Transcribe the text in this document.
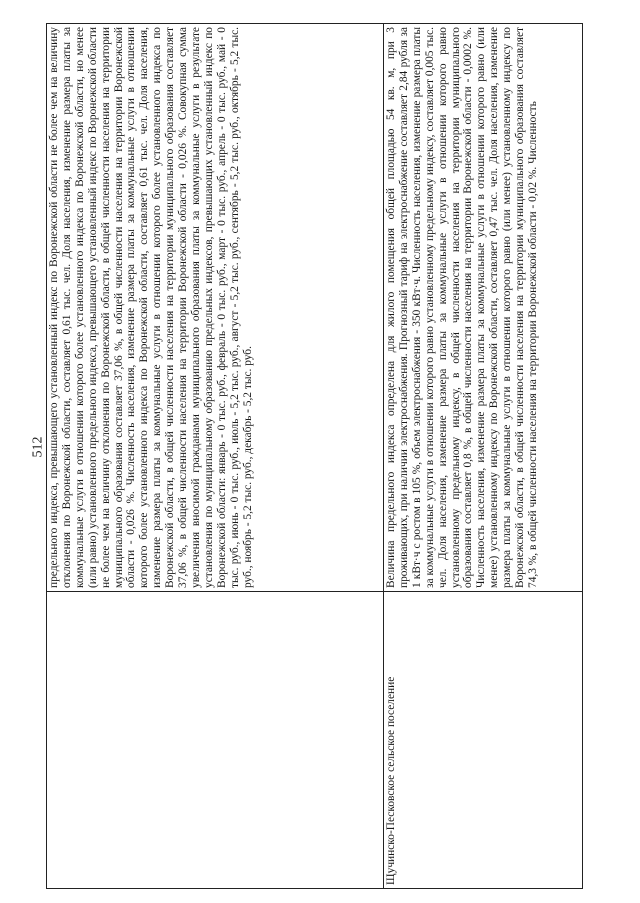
512
	предельного индекса, превышающего установленный индекс по Воронежской области не более чем на величину отклонения по Воронежской области, составляет 0,61 тыс. чел. Доля населения, изменение размера платы за коммунальные услуги в отношении которого более установленного индекса по Воронежской области, но менее (или равно) установленного предельного индекса, превышающего установленный индекс по Воронежской области не более чем на величину отклонения по Воронежской области, в общей численности населения на территории муниципального образования составляет 37,06 %, в общей численности населения на территории Воронежской области - 0,026 %. Численность населения, изменение размера платы за коммунальные услуги в отношении которого более установленного индекса по Воронежской области, составляет 0,61 тыс. чел. Доля населения, изменение размера платы за коммунальные услуги в отношении которого более установленного индекса по Воронежской области, в общей численности населения на территории муниципального образования составляет 37,06 %, в общей численности населения на территории Воронежской области - 0,026 %. Совокупная сумма увеличения вносимой гражданами муниципального образования платы за коммунальные услуги в результате установления по муниципальному образованию предельных индексов, превышающих установленный индекс по Воронежской области: январь - 0 тыс. руб., февраль - 0 тыс. руб., март - 0 тыс. руб., апрель - 0 тыс. руб., май - 0 тыс. руб., июнь - 0 тыс. руб., июль - 5,2 тыс. руб., август - 5,2 тыс. руб., сентябрь - 5,2 тыс. руб., октябрь - 5,2 тыс. руб., ноябрь - 5,2 тыс. руб., декабрь - 5,2 тыс. руб.
Щучинско-Песковское сельское поселение	Величина предельного индекса определена для жилого помещения общей площадью 54 кв. м, при 3 проживающих, при наличии электроснабжения. Прогнозный тариф на электроснабжение составляет 2,84 рубля за 1 кВт·ч с ростом в 105 %, объем электроснабжения - 350 кВт·ч. Численность населения, изменение размера платы за коммунальные услуги в отношении которого равно установленному предельному индексу, составляет 0,005 тыс. чел. Доля населения, изменение размера платы за коммунальные услуги в отношении которого равно установленному предельному индексу, в общей численности населения на территории муниципального образования составляет 0,8 %, в общей численности населения на территории Воронежской области - 0,0002 %. Численность населения, изменение размера платы за коммунальные услуги в отношении которого равно (или менее) установленному индексу по Воронежской области, составляет 0,47 тыс. чел. Доля населения, изменение размера платы за коммунальные услуги в отношении которого равно (или менее) установленному индексу по Воронежской области, в общей численности населения на территории муниципального образования составляет 74,3 %, в общей численности населения на территории Воронежской области - 0,02 %. Численность
